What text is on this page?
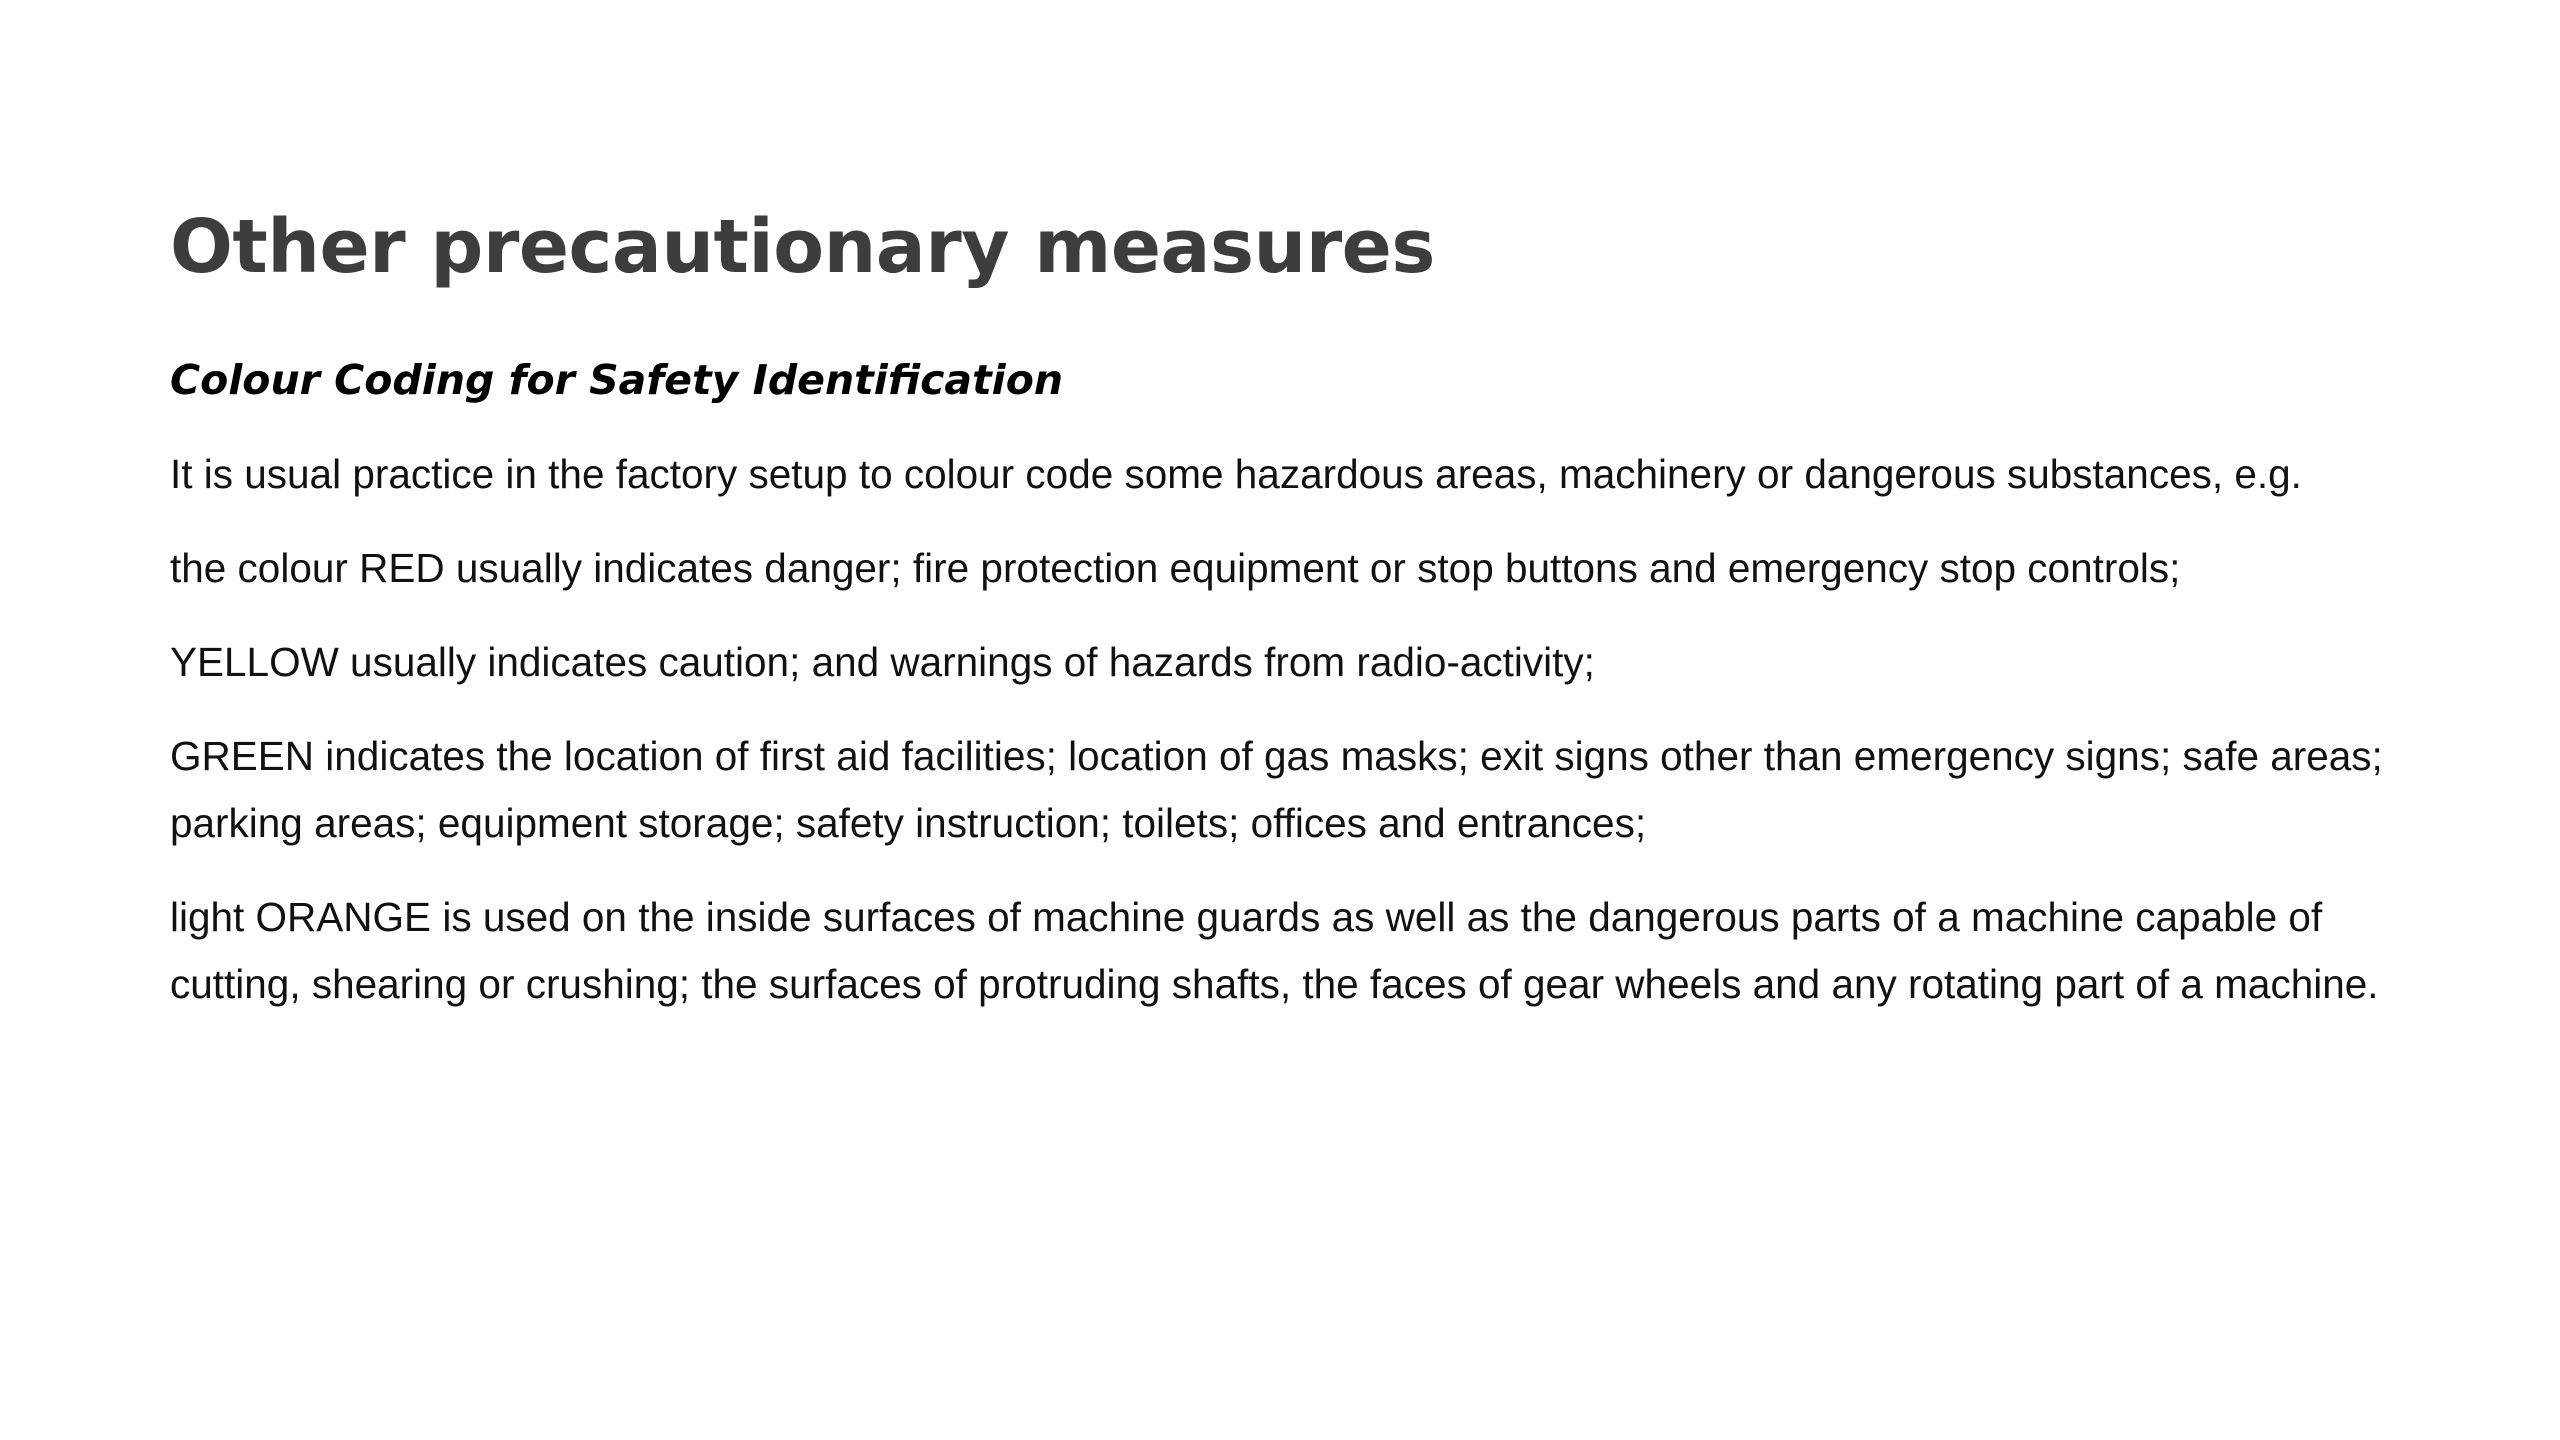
Other precautionary measures

Colour Coding for Safety Identification

It is usual practice in the factory setup to colour code some hazardous areas, machinery or dangerous substances, e.g.

the colour RED usually indicates danger; fire protection equipment or stop buttons and emergency stop controls;

YELLOW usually indicates caution; and warnings of hazards from radio-activity;

GREEN indicates the location of first aid facilities; location of gas masks; exit signs other than emergency signs; safe areas; parking areas; equipment storage; safety instruction; toilets; offices and entrances;

light ORANGE is used on the inside surfaces of machine guards as well as the dangerous parts of a machine capable of cutting, shearing or crushing; the surfaces of protruding shafts, the faces of gear wheels and any rotating part of a machine.
